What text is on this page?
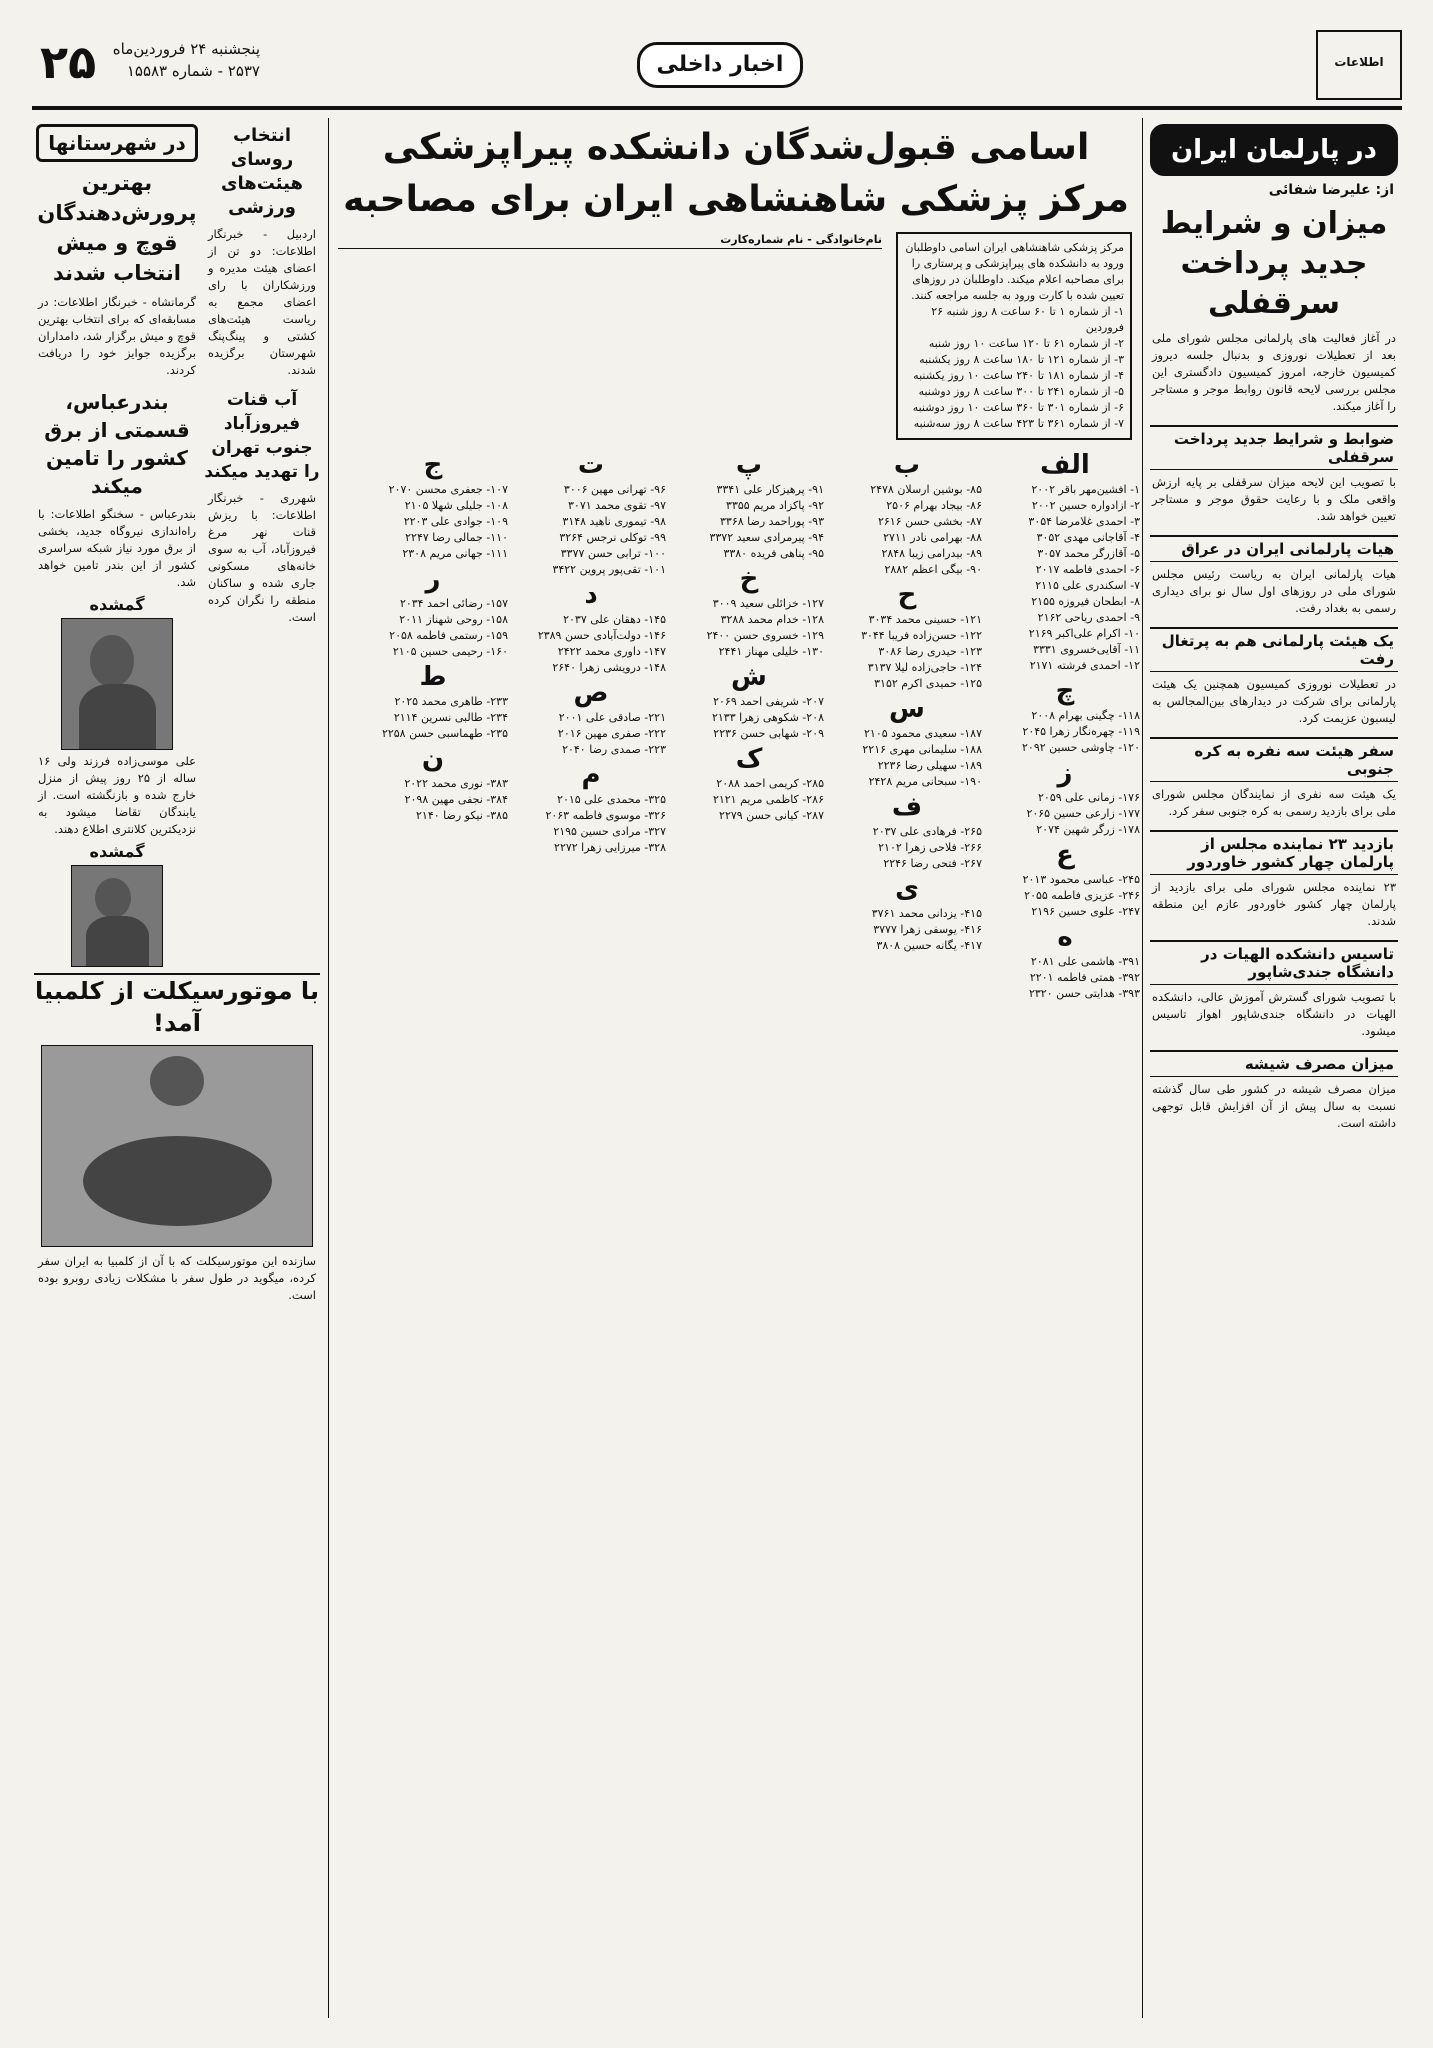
۲۵ پنجشنبه ۲۴ فروردین‌ماه
۲۵۳۷ - شماره ۱۵۵۸۳	اخبار داخلی	اطلاعات
در پارلمان ایران
از: علیرضا شفائی
میزان و شرایط جدید پرداخت سرقفلی
در آغاز فعالیت های پارلمانی مجلس شورای ملی بعد از تعطیلات نوروزی و بدنبال جلسه دیروز کمیسیون خارجه، امروز کمیسیون دادگستری این مجلس بررسی لایحه قانون روابط موجر و مستاجر را آغاز میکند.
ضوابط و شرایط جدید پرداخت سرقفلی
با تصویب این لایحه میزان سرقفلی بر پایه ارزش واقعی ملک و با رعایت حقوق موجر و مستاجر تعیین خواهد شد.
هیات پارلمانی ایران در عراق
هیات پارلمانی ایران به ریاست رئیس مجلس شورای ملی در روزهای اول سال نو برای دیداری رسمی به بغداد رفت.
یک هیئت پارلمانی هم به پرتغال رفت
در تعطیلات نوروزی کمیسیون همچنین یک هیئت پارلمانی برای شرکت در دیدارهای بین‌المجالس به لیسبون عزیمت کرد.
سفر هیئت سه نفره به کره جنوبی
یک هیئت سه نفری از نمایندگان مجلس شورای ملی برای بازدید رسمی به کره جنوبی سفر کرد.
بازدید ۲۳ نماینده مجلس از پارلمان چهار کشور خاوردور
۲۳ نماینده مجلس شورای ملی برای بازدید از پارلمان چهار کشور خاوردور عازم این منطقه شدند.
تاسیس دانشکده الهیات در دانشگاه جندی‌شاپور
با تصویب شورای گسترش آموزش عالی، دانشکده الهیات در دانشگاه جندی‌شاپور اهواز تاسیس میشود.
میزان مصرف شیشه
میزان مصرف شیشه در کشور طی سال گذشته نسبت به سال پیش از آن افزایش قابل توجهی داشته است.
اسامی قبول‌شدگان دانشکده پیراپزشکی
مرکز پزشکی شاهنشاهی ایران برای مصاحبه
مرکز پزشکی شاهنشاهی ایران اسامی داوطلبان ورود به دانشکده های پیراپزشکی و پرستاری را برای مصاحبه اعلام میکند. داوطلبان در روزهای تعیین شده با کارت ورود به جلسه مراجعه کنند.
۱- از شماره ۱ تا ۶۰ ساعت ۸ روز شنبه ۲۶ فروردین
۲- از شماره ۶۱ تا ۱۲۰ ساعت ۱۰ روز شنبه
۳- از شماره ۱۲۱ تا ۱۸۰ ساعت ۸ روز یکشنبه
۴- از شماره ۱۸۱ تا ۲۴۰ ساعت ۱۰ روز یکشنبه
۵- از شماره ۲۴۱ تا ۳۰۰ ساعت ۸ روز دوشنبه
۶- از شماره ۳۰۱ تا ۳۶۰ ساعت ۱۰ روز دوشنبه
۷- از شماره ۳۶۱ تا ۴۲۳ ساعت ۸ روز سه‌شنبه
نام‌خانوادگی - نام شماره‌کارت
الف
۱- افشین‌مهر باقر ۲۰۰۲
۲- ازادواره حسین ۲۰۰۲
۳- احمدی غلامرضا ۳۰۵۴
۴- آقاجانی مهدی ۳۰۵۲
۵- آقازرگر محمد ۳۰۵۷
۶- احمدی فاطمه ۲۰۱۷
۷- اسکندری علی ۲۱۱۵
۸- ابطحان فیروزه ۲۱۵۵
۹- احمدی ریاحی ۲۱۶۲
۱۰- اکرام علی‌اکبر ۲۱۶۹
۱۱- آقایی‌خسروی ۳۳۳۱
۱۲- احمدی فرشته ۲۱۷۱
چ
۱۱۸- چگینی بهرام ۲۰۰۸
۱۱۹- چهره‌نگار زهرا ۲۰۴۵
۱۲۰- چاوشی حسین ۲۰۹۲
ز
۱۷۶- زمانی علی ۲۰۵۹
۱۷۷- زارعی حسین ۲۰۶۵
۱۷۸- زرگر شهین ۲۰۷۴
ع
۲۴۵- عباسی محمود ۲۰۱۳
۲۴۶- عزیزی فاطمه ۲۰۵۵
۲۴۷- علوی حسین ۲۱۹۶
ه
۳۹۱- هاشمی علی ۲۰۸۱
۳۹۲- همتی فاطمه ۲۲۰۱
۳۹۳- هدایتی حسن ۲۳۲۰
ب
۸۵- بوشین ارسلان ۲۴۷۸
۸۶- بیجاد بهرام ۲۵۰۶
۸۷- بخشی حسن ۲۶۱۶
۸۸- بهرامی نادر ۲۷۱۱
۸۹- بیدرامی زیبا ۲۸۴۸
۹۰- بیگی اعظم ۲۸۸۲
ح
۱۲۱- حسینی محمد ۳۰۳۴
۱۲۲- حسن‌زاده فریبا ۳۰۴۴
۱۲۳- حیدری رضا ۳۰۸۶
۱۲۴- حاجی‌زاده لیلا ۳۱۳۷
۱۲۵- حمیدی اکرم ۳۱۵۲
س
۱۸۷- سعیدی محمود ۲۱۰۵
۱۸۸- سلیمانی مهری ۲۲۱۶
۱۸۹- سهیلی رضا ۲۲۳۶
۱۹۰- سبحانی مریم ۲۴۲۸
ف
۲۶۵- فرهادی علی ۲۰۳۷
۲۶۶- فلاحی زهرا ۲۱۰۲
۲۶۷- فتحی رضا ۲۲۴۶
ی
۴۱۵- یزدانی محمد ۳۷۶۱
۴۱۶- یوسفی زهرا ۳۷۷۷
۴۱۷- یگانه حسین ۳۸۰۸
پ
۹۱- پرهیزکار علی ۳۳۴۱
۹۲- پاکزاد مریم ۳۳۵۵
۹۳- پوراحمد رضا ۳۳۶۸
۹۴- پیرمرادی سعید ۳۳۷۲
۹۵- پناهی فریده ۳۳۸۰
خ
۱۲۷- خزائلی سعید ۳۰۰۹
۱۲۸- خدام محمد ۳۲۸۸
۱۲۹- خسروی حسن ۲۴۰۰
۱۳۰- خلیلی مهناز ۲۴۴۱
ش
۲۰۷- شریفی احمد ۲۰۶۹
۲۰۸- شکوهی زهرا ۲۱۳۳
۲۰۹- شهابی حسن ۲۲۳۶
ک
۲۸۵- کریمی احمد ۲۰۸۸
۲۸۶- کاظمی مریم ۲۱۲۱
۲۸۷- کیانی حسن ۲۲۷۹
ت
۹۶- تهرانی مهین ۳۰۰۶
۹۷- تقوی محمد ۳۰۷۱
۹۸- تیموری ناهید ۳۱۴۸
۹۹- توکلی نرجس ۳۲۶۴
۱۰۰- ترابی حسن ۳۳۷۷
۱۰۱- تقی‌پور پروین ۳۴۲۲
د
۱۴۵- دهقان علی ۲۰۳۷
۱۴۶- دولت‌آبادی حسن ۲۳۸۹
۱۴۷- داوری محمد ۲۴۲۲
۱۴۸- درویشی زهرا ۲۶۴۰
ص
۲۲۱- صادقی علی ۲۰۰۱
۲۲۲- صفری مهین ۲۰۱۶
۲۲۳- صمدی رضا ۲۰۴۰
م
۳۲۵- محمدی علی ۲۰۱۵
۳۲۶- موسوی فاطمه ۲۰۶۳
۳۲۷- مرادی حسین ۲۱۹۵
۳۲۸- میرزایی زهرا ۲۲۷۲
ج
۱۰۷- جعفری محسن ۲۰۷۰
۱۰۸- جلیلی شهلا ۲۱۰۵
۱۰۹- جوادی علی ۲۲۰۳
۱۱۰- جمالی رضا ۲۲۴۷
۱۱۱- جهانی مریم ۲۳۰۸
ر
۱۵۷- رضائی احمد ۲۰۳۴
۱۵۸- روحی شهناز ۲۰۱۱
۱۵۹- رستمی فاطمه ۲۰۵۸
۱۶۰- رحیمی حسین ۲۱۰۵
ط
۲۳۳- طاهری محمد ۲۰۲۵
۲۳۴- طالبی نسرین ۲۱۱۴
۲۳۵- طهماسبی حسن ۲۲۵۸
ن
۳۸۳- نوری محمد ۲۰۲۲
۳۸۴- نجفی مهین ۲۰۹۸
۳۸۵- نیکو رضا ۲۱۴۰
انتخاب روسای هیئت‌های ورزشی
اردبیل - خبرنگار اطلاعات: دو تن از اعضای هیئت مدیره و ورزشکاران با رای اعضای مجمع به ریاست هیئت‌های کشتی و پینگ‌پنگ شهرستان برگزیده شدند.
در شهرستانها
بهترین پرورش‌دهندگان قوچ و میش انتخاب شدند
گرمانشاه - خبرنگار اطلاعات: در مسابقه‌ای که برای انتخاب بهترین قوچ و میش برگزار شد، دامداران برگزیده جوایز خود را دریافت کردند.
آب قنات فیروزآباد جنوب تهران را تهدید میکند
شهرری - خبرنگار اطلاعات: با ریزش قنات نهر مرغ فیروزآباد، آب به سوی خانه‌های مسکونی جاری شده و ساکنان منطقه را نگران کرده است.
بندرعباس، قسمتی از برق کشور را تامین میکند
بندرعباس - سخنگو اطلاعات: با راه‌اندازی نیروگاه جدید، بخشی از برق مورد نیاز شبکه سراسری کشور از این بندر تامین خواهد شد.
گمشده
علی موسی‌زاده فرزند ولی ۱۶ ساله از ۲۵ روز پیش از منزل خارج شده و بازنگشته است. از یابندگان تقاضا میشود به نزدیکترین کلانتری اطلاع دهند.
گمشده
با موتورسیکلت از کلمبیا آمد!
سازنده این موتورسیکلت که با آن از کلمبیا به ایران سفر کرده، میگوید در طول سفر با مشکلات زیادی روبرو بوده است.
